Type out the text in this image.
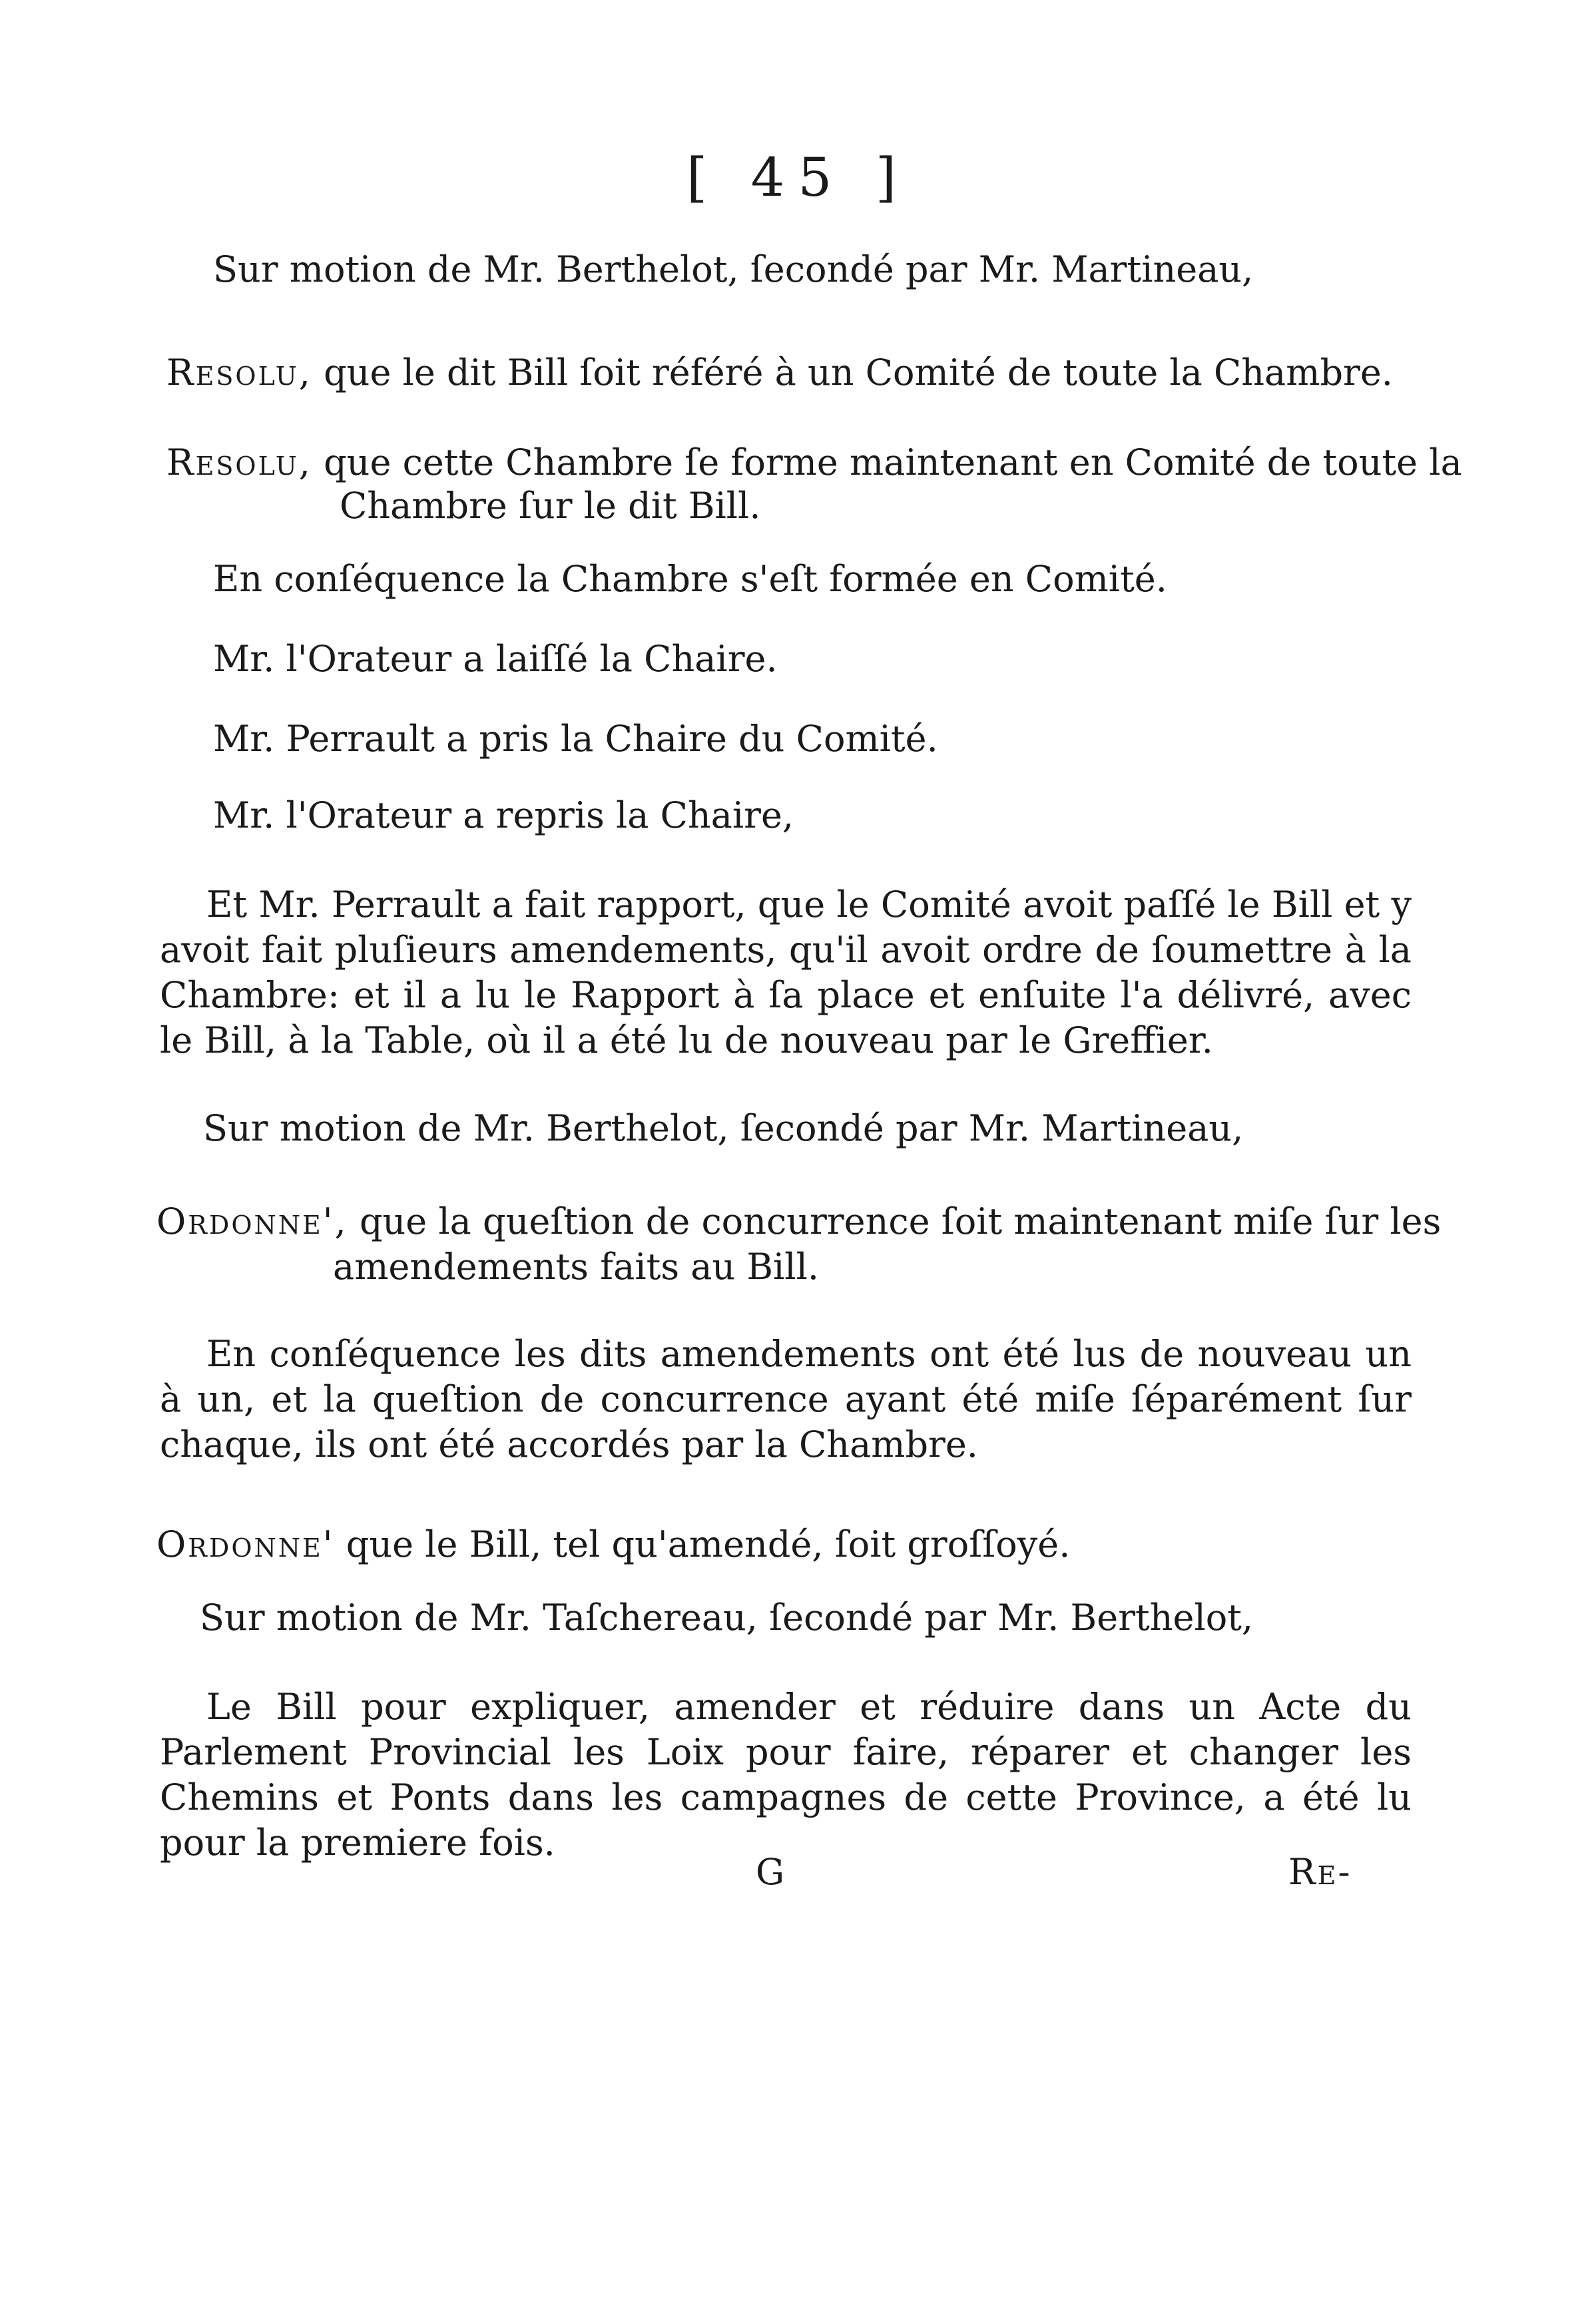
[ 45 ]
Sur motion de Mr. Berthelot, ſecondé par Mr. Martineau,
Resolu, que le dit Bill ſoit référé à un Comité de toute la Chambre.
Resolu, que cette Chambre ſe forme maintenant en Comité de toute la
Chambre ſur le dit Bill.
En conſéquence la Chambre s'eſt formée en Comité.
Mr. l'Orateur a laiſſé la Chaire.
Mr. Perrault a pris la Chaire du Comité.
Mr. l'Orateur a repris la Chaire,
Et Mr. Perrault a fait rapport, que le Comité avoit paſſé le Bill et y avoit fait pluſieurs amendements, qu'il avoit ordre de ſoumettre à la Chambre: et il a lu le Rapport à ſa place et enſuite l'a délivré, avec le Bill, à la Table, où il a été lu de nouveau par le Greffier.
Sur motion de Mr. Berthelot, ſecondé par Mr. Martineau,
Ordonne', que la queſtion de concurrence ſoit maintenant miſe ſur les
amendements faits au Bill.
En conſéquence les dits amendements ont été lus de nouveau un à un, et la queſtion de concurrence ayant été miſe ſéparément ſur chaque, ils ont été accordés par la Chambre.
Ordonne' que le Bill, tel qu'amendé, ſoit groſſoyé.
Sur motion de Mr. Taſchereau, ſecondé par Mr. Berthelot,
Le Bill pour expliquer, amender et réduire dans un Acte du Parlement Provincial les Loix pour faire, réparer et changer les Chemins et Ponts dans les campagnes de cette Province, a été lu pour la premiere fois.
G	Re-
